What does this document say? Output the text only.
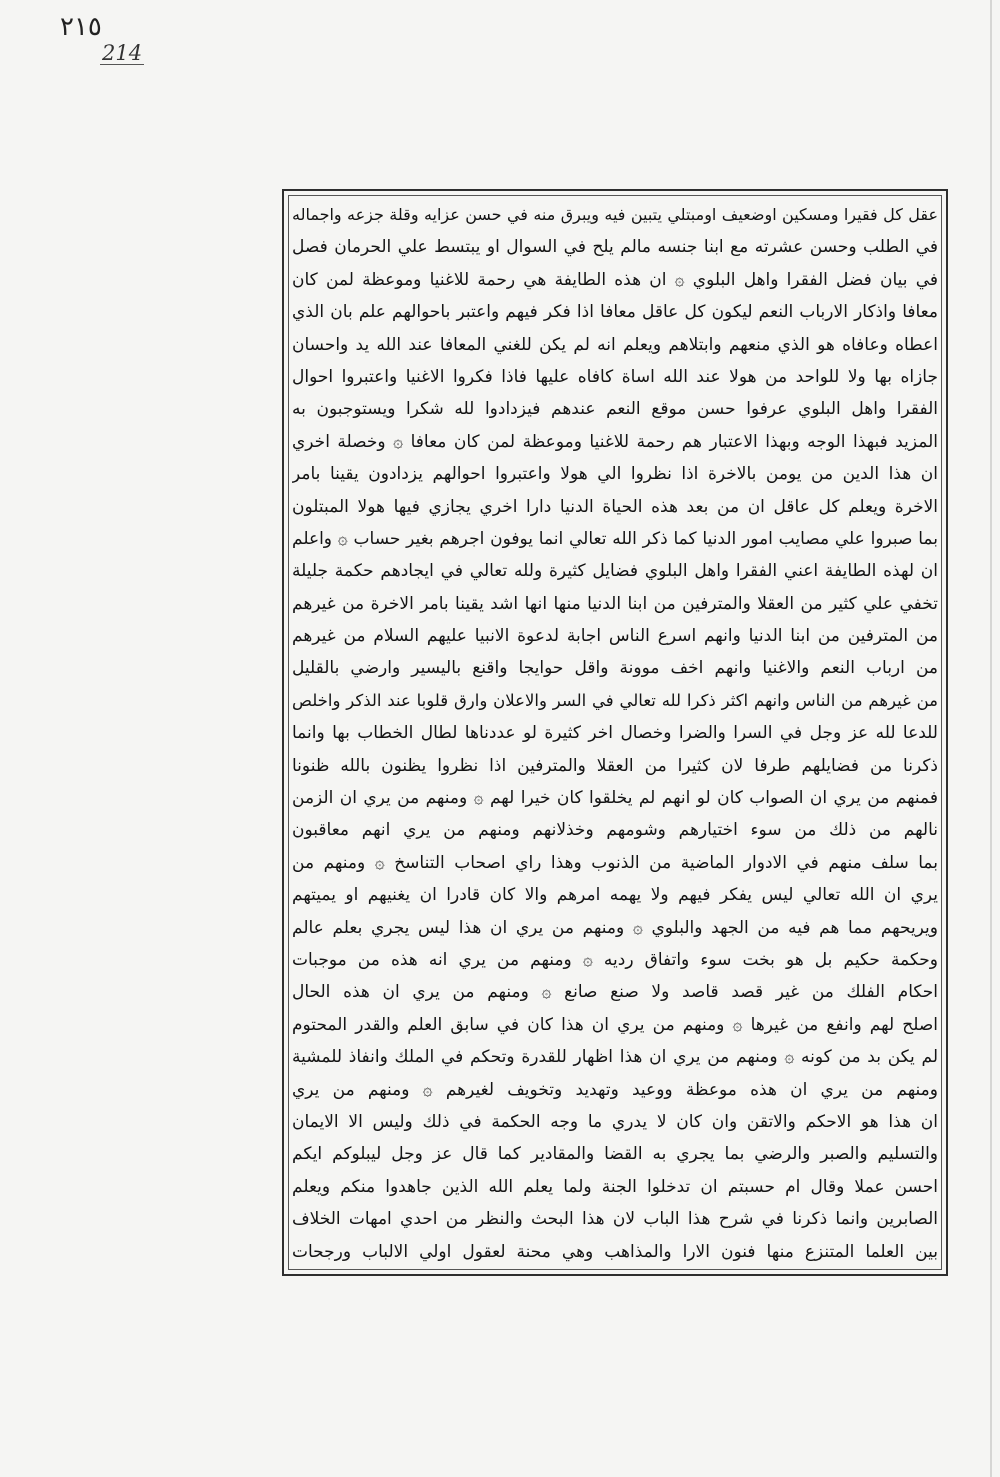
٢١٥
214
عقل كل فقيرا ومسكين اوضعيف اومبتلي يتبين فيه ويبرق منه في حسن عزايه وقلة جزعه واجماله
في الطلب وحسن عشرته مع ابنا جنسه مالم يلح في السوال او يبتسط علي الحرمان فصل
في بيان فضل الفقرا واهل البلوي ۞ ان هذه الطايفة هي رحمة للاغنيا وموعظة لمن كان
معافا واذكار الارباب النعم ليكون كل عاقل معافا اذا فكر فيهم واعتبر باحوالهم علم بان الذي
اعطاه وعافاه هو الذي منعهم وابتلاهم ويعلم انه لم يكن للغني المعافا عند الله يد واحسان
جازاه بها ولا للواحد من هولا عند الله اساة كافاه عليها فاذا فكروا الاغنيا واعتبروا احوال
الفقرا واهل البلوي عرفوا حسن موقع النعم عندهم فيزدادوا لله شكرا ويستوجبون به
المزيد فبهذا الوجه وبهذا الاعتبار هم رحمة للاغنيا وموعظة لمن كان معافا ۞ وخصلة اخري
ان هذا الدين من يومن بالاخرة اذا نظروا الي هولا واعتبروا احوالهم يزدادون يقينا بامر
الاخرة ويعلم كل عاقل ان من بعد هذه الحياة الدنيا دارا اخري يجازي فيها هولا المبتلون
بما صبروا علي مصايب امور الدنيا كما ذكر الله تعالي انما يوفون اجرهم بغير حساب ۞ واعلم
ان لهذه الطايفة اعني الفقرا واهل البلوي فضايل كثيرة ولله تعالي في ايجادهم حكمة جليلة
تخفي علي كثير من العقلا والمترفين من ابنا الدنيا منها انها اشد يقينا بامر الاخرة من غيرهم
من المترفين من ابنا الدنيا وانهم اسرع الناس اجابة لدعوة الانبيا عليهم السلام من غيرهم
من ارباب النعم والاغنيا وانهم اخف موونة واقل حوايجا واقنع باليسير وارضي بالقليل
من غيرهم من الناس وانهم اكثر ذكرا لله تعالي في السر والاعلان وارق قلوبا عند الذكر واخلص
للدعا لله عز وجل في السرا والضرا وخصال اخر كثيرة لو عددناها لطال الخطاب بها وانما
ذكرنا من فضايلهم طرفا لان كثيرا من العقلا والمترفين اذا نظروا يظنون بالله ظنونا
فمنهم من يري ان الصواب كان لو انهم لم يخلقوا كان خيرا لهم ۞ ومنهم من يري ان الزمن
نالهم من ذلك من سوء اختيارهم وشومهم وخذلانهم ومنهم من يري انهم معاقبون
بما سلف منهم في الادوار الماضية من الذنوب وهذا راي اصحاب التناسخ ۞ ومنهم من
يري ان الله تعالي ليس يفكر فيهم ولا يهمه امرهم والا كان قادرا ان يغنيهم او يميتهم
ويريحهم مما هم فيه من الجهد والبلوي ۞ ومنهم من يري ان هذا ليس يجري بعلم عالم
وحكمة حكيم بل هو بخت سوء واتفاق رديه ۞ ومنهم من يري انه هذه من موجبات
احكام الفلك من غير قصد قاصد ولا صنع صانع ۞ ومنهم من يري ان هذه الحال
اصلح لهم وانفع من غيرها ۞ ومنهم من يري ان هذا كان في سابق العلم والقدر المحتوم
لم يكن بد من كونه ۞ ومنهم من يري ان هذا اظهار للقدرة وتحكم في الملك وانفاذ للمشية
ومنهم من يري ان هذه موعظة ووعيد وتهديد وتخويف لغيرهم ۞ ومنهم من يري
ان هذا هو الاحكم والاتقن وان كان لا يدري ما وجه الحكمة في ذلك وليس الا الايمان
والتسليم والصبر والرضي بما يجري به القضا والمقادير كما قال عز وجل ليبلوكم ايكم
احسن عملا وقال ام حسبتم ان تدخلوا الجنة ولما يعلم الله الذين جاهدوا منكم ويعلم
الصابرين وانما ذكرنا في شرح هذا الباب لان هذا البحث والنظر من احدي امهات الخلاف
بين العلما المتنزع منها فنون الارا والمذاهب وهي محنة لعقول اولي الالباب ورجحات
